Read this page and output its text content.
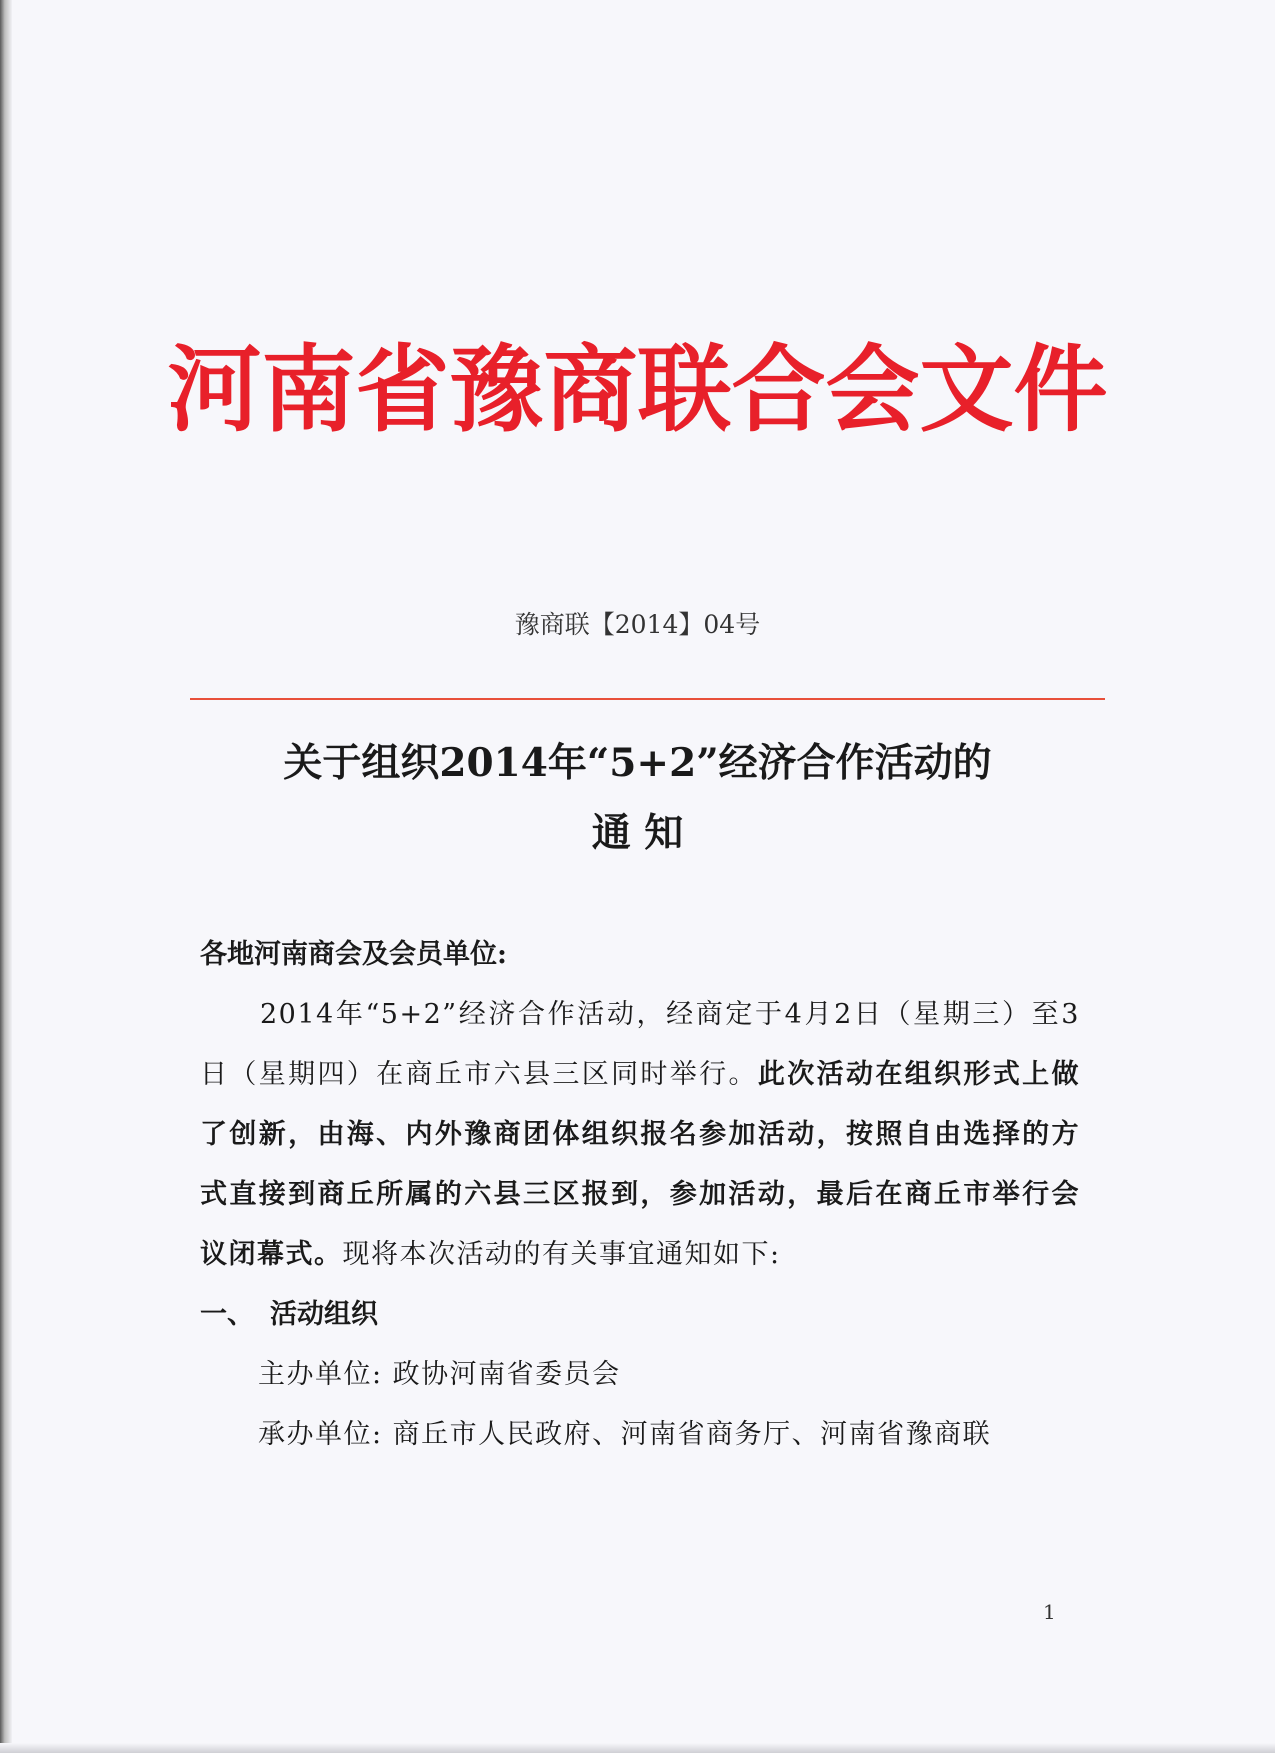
河南省豫商联合会文件
豫商联【2014】04号
关于组织2014年“5+2”经济合作活动的
通 知

各地河南商会及会员单位:

2014年“5+2”经济合作活动，经商定于4月2日（星期三）至3日（星期四）在商丘市六县三区同时举行。此次活动在组织形式上做了创新，由海、内外豫商团体组织报名参加活动，按照自由选择的方式直接到商丘所属的六县三区报到，参加活动，最后在商丘市举行会议闭幕式。现将本次活动的有关事宜通知如下:

一、 活动组织

主办单位: 政协河南省委员会

承办单位: 商丘市人民政府、河南省商务厅、河南省豫商联

1
